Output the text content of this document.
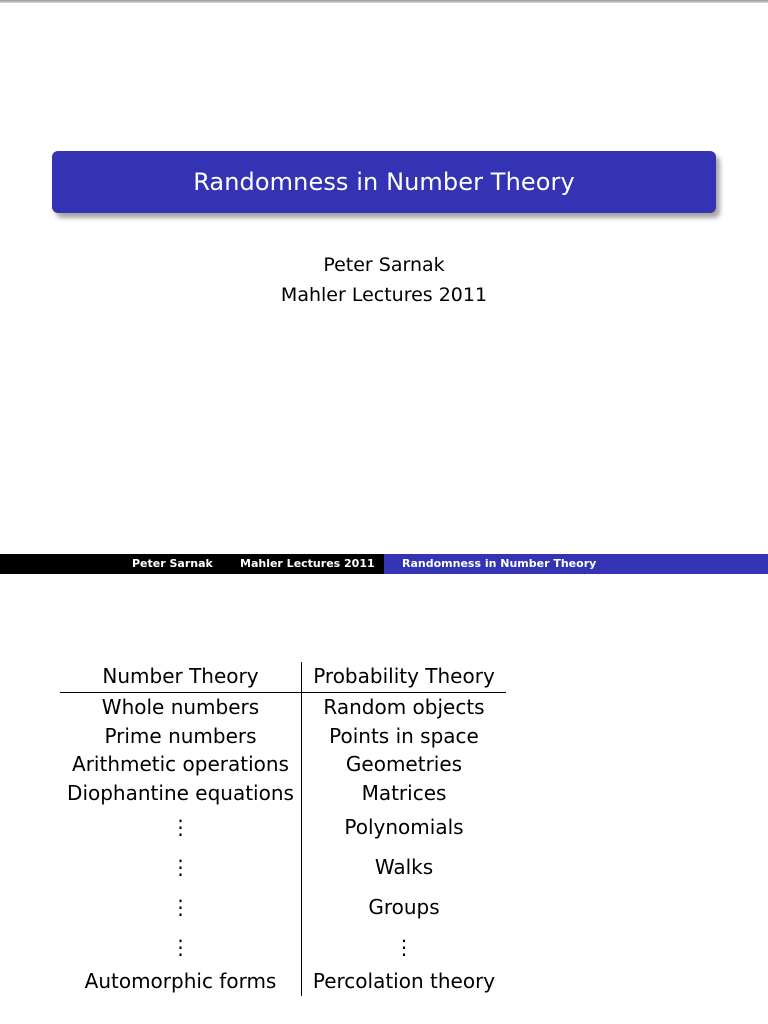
Randomness in Number Theory
Peter Sarnak
Mahler Lectures 2011
Peter Sarnak Mahler Lectures 2011 Randomness in Number Theory
Number Theory	Probability Theory
Whole numbers	Random objects
Prime numbers	Points in space
Arithmetic operations	Geometries
Diophantine equations	Matrices
⋮	Polynomials
⋮	Walks
⋮	Groups
⋮	⋮
Automorphic forms	Percolation theory
